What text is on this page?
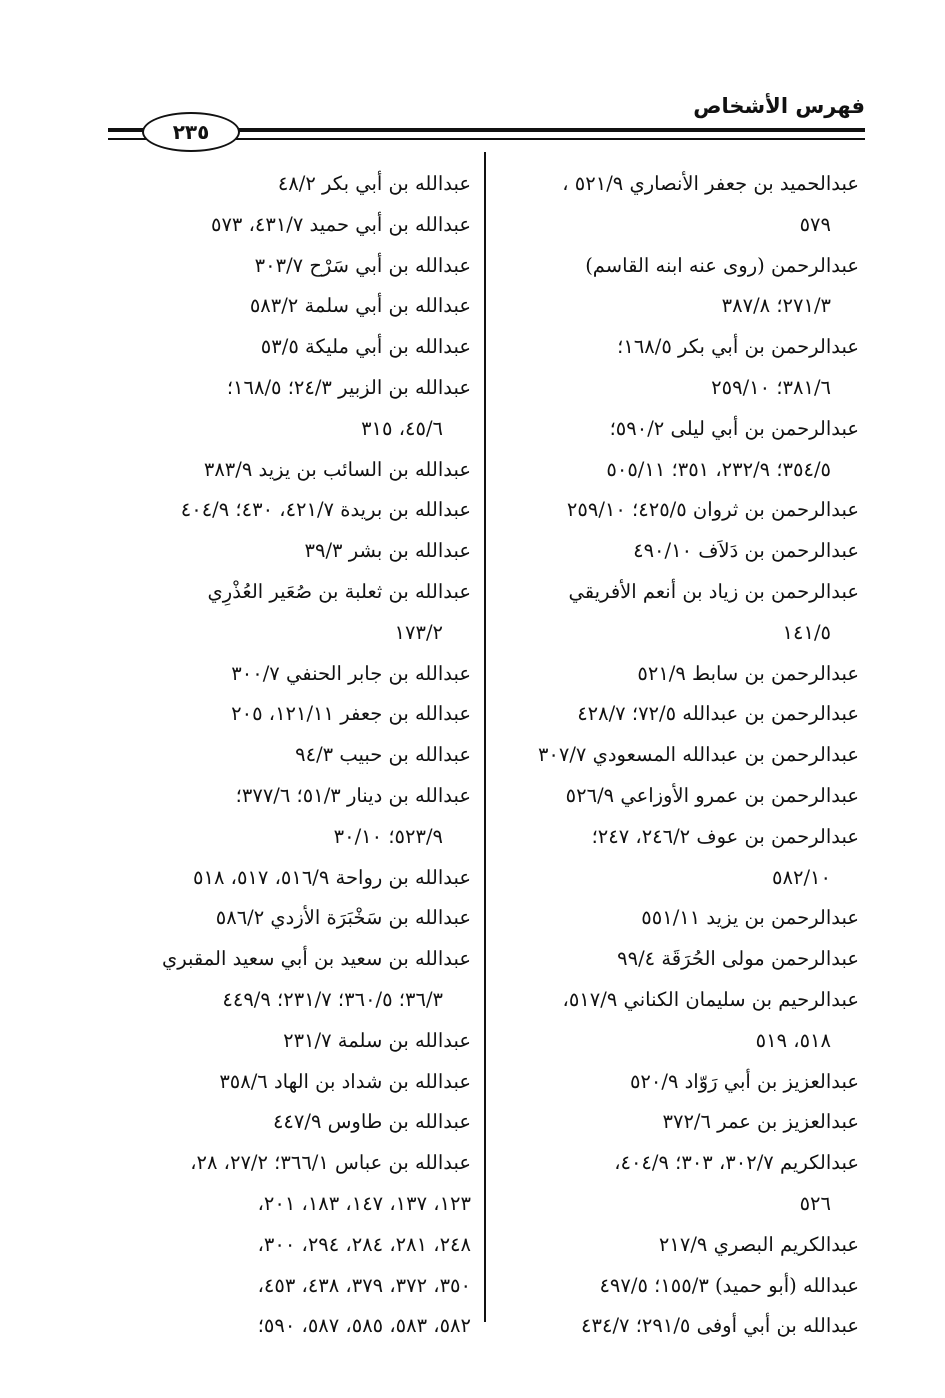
فهرس الأشخاص
٢٣٥
عبدالحميد بن جعفر الأنصاري ٥٢١/٩ ،
٥٧٩
عبدالرحمن (روى عنه ابنه القاسم)
٢٧١/٣؛ ٣٨٧/٨
عبدالرحمن بن أبي بكر ١٦٨/٥؛
٣٨١/٦؛ ٢٥٩/١٠
عبدالرحمن بن أبي ليلى ٥٩٠/٢؛
٣٥٤/٥؛ ٢٣٢/٩، ٣٥١؛ ٥٠٥/١١
عبدالرحمن بن ثروان ٤٢٥/٥؛ ٢٥٩/١٠
عبدالرحمن بن دَلاَف ٤٩٠/١٠
عبدالرحمن بن زياد بن أنعم الأفريقي
١٤١/٥
عبدالرحمن بن سابط ٥٢١/٩
عبدالرحمن بن عبدالله ٧٢/٥؛ ٤٢٨/٧
عبدالرحمن بن عبدالله المسعودي ٣٠٧/٧
عبدالرحمن بن عمرو الأوزاعي ٥٢٦/٩
عبدالرحمن بن عوف ٢٤٦/٢، ٢٤٧؛
٥٨٢/١٠
عبدالرحمن بن يزيد ٥٥١/١١
عبدالرحمن مولى الحُرَقَة ٩٩/٤
عبدالرحيم بن سليمان الكناني ٥١٧/٩،
٥١٨، ٥١٩
عبدالعزيز بن أبي رَوّاد ٥٢٠/٩
عبدالعزيز بن عمر ٣٧٢/٦
عبدالكريم ٣٠٢/٧، ٣٠٣؛ ٤٠٤/٩،
٥٢٦
عبدالكريم البصري ٢١٧/٩
عبدالله (أبو حميد) ١٥٥/٣؛ ٤٩٧/٥
عبدالله بن أبي أوفى ٢٩١/٥؛ ٤٣٤/٧
عبدالله بن أبي بكر ٤٨/٢
عبدالله بن أبي حميد ٤٣١/٧، ٥٧٣
عبدالله بن أبي سَرْح ٣٠٣/٧
عبدالله بن أبي سلمة ٥٨٣/٢
عبدالله بن أبي مليكة ٥٣/٥
عبدالله بن الزبير ٢٤/٣؛ ١٦٨/٥؛
٤٥/٦، ٣١٥
عبدالله بن السائب بن يزيد ٣٨٣/٩
عبدالله بن بريدة ٤٢١/٧، ٤٣٠؛ ٤٠٤/٩
عبدالله بن بشر ٣٩/٣
عبدالله بن ثعلبة بن صُعَير العُذْرِي
١٧٣/٢
عبدالله بن جابر الحنفي ٣٠٠/٧
عبدالله بن جعفر ١٢١/١١، ٢٠٥
عبدالله بن حبيب ٩٤/٣
عبدالله بن دينار ٥١/٣؛ ٣٧٧/٦؛
٥٢٣/٩؛ ٣٠/١٠
عبدالله بن رواحة ٥١٦/٩، ٥١٧، ٥١٨
عبدالله بن سَخْبَرَة الأزدي ٥٨٦/٢
عبدالله بن سعيد بن أبي سعيد المقبري
٣٦/٣؛ ٣٦٠/٥؛ ٢٣١/٧؛ ٤٤٩/٩
عبدالله بن سلمة ٢٣١/٧
عبدالله بن شداد بن الهاد ٣٥٨/٦
عبدالله بن طاوس ٤٤٧/٩
عبدالله بن عباس ٣٦٦/١؛ ٢٧/٢، ٢٨،
١٢٣، ١٣٧، ١٤٧، ١٨٣، ٢٠١،
٢٤٨، ٢٨١، ٢٨٤، ٢٩٤، ٣٠٠،
٣٥٠، ٣٧٢، ٣٧٩، ٤٣٨، ٤٥٣،
٥٨٢، ٥٨٣، ٥٨٥، ٥٨٧، ٥٩٠؛
